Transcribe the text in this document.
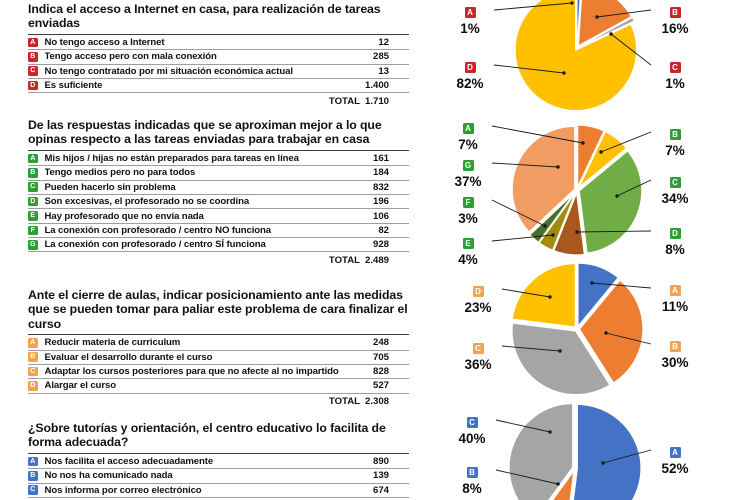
Indica el acceso a Internet en casa, para realización de tareas enviadas
A No tengo acceso a Internet	12
B Tengo acceso pero con mala conexión	285
C No tengo contratado por mi situación económica actual	13
D Es suficiente	1.400
TOTAL 1.710
De las respuestas indicadas que se aproximan mejor a lo que opinas respecto a las tareas enviadas para trabajar en casa
A Mis hijos / hijas no están preparados para tareas en línea	161
B Tengo medios pero no para todos	184
C Pueden hacerlo sin problema	832
D Son excesivas, el profesorado no se coordina	196
E Hay profesorado que no envía nada	106
F La conexión con profesorado / centro NO funciona	82
G La conexión con profesorado / centro SÍ funciona	928
TOTAL 2.489
Ante el cierre de aulas, indicar posicionamiento ante las medidas que se pueden tomar para paliar este problema de cara finalizar el curso
A Reducir materia de curriculum	248
B Evaluar el desarrollo durante el curso	705
C Adaptar los cursos posteriores para que no afecte al no impartido	828
D Alargar el curso	527
TOTAL 2.308
¿Sobre tutorías y orientación, el centro educativo lo facilita de forma adecuada?
A Nos facilita el acceso adecuadamente	890
B No nos ha comunicado nada	139
C Nos informa por correo electrónico	674
A
1%
B
16%
C
1%
D
82%
A
7%
B
7%
C
34%
D
8%
E
4%
F
3%
G
37%
A
11%
B
30%
C
36%
D
23%
A
52%
B
8%
C
40%
